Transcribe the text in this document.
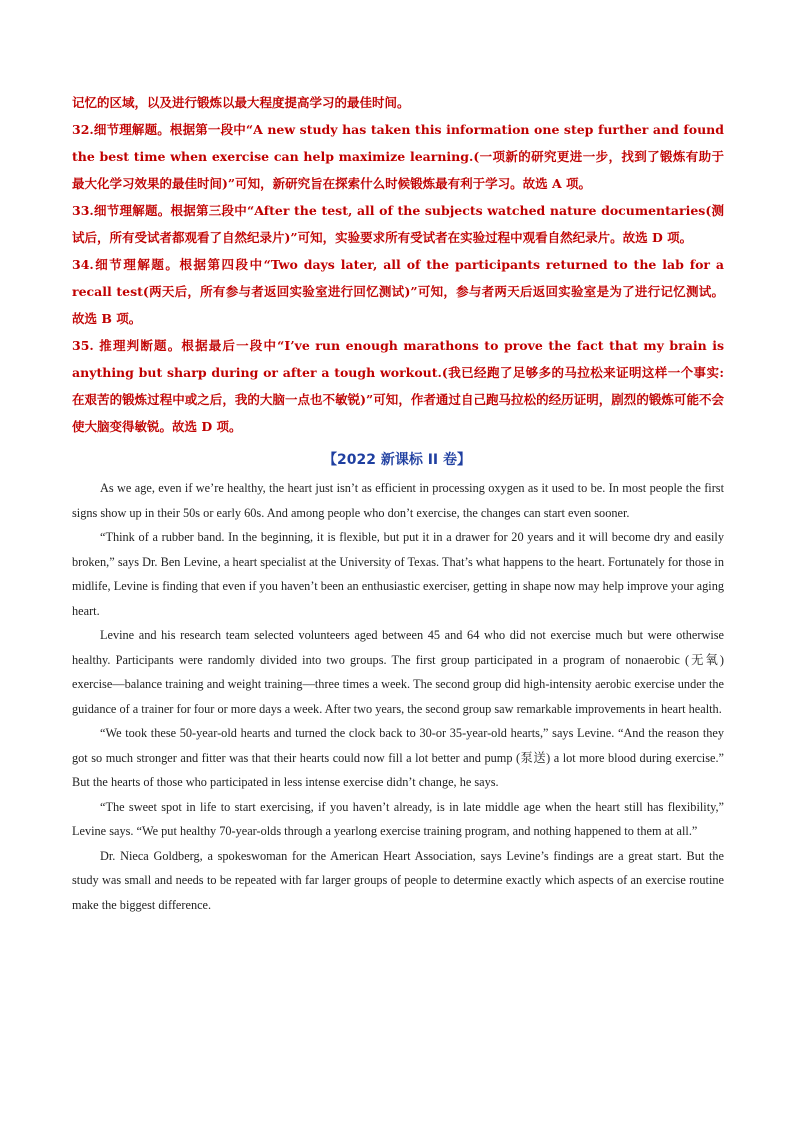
记忆的区域，以及进行锻炼以最大程度提高学习的最佳时间。

32.细节理解题。根据第一段中“A new study has taken this information one step further and found the best time when exercise can help maximize learning.(一项新的研究更进一步，找到了锻炼有助于最大化学习效果的最佳时间)”可知，新研究旨在探索什么时候锻炼最有利于学习。故选 A 项。

33.细节理解题。根据第三段中“After the test, all of the subjects watched nature documentaries(测试后，所有受试者都观看了自然纪录片)”可知，实验要求所有受试者在实验过程中观看自然纪录片。故选 D 项。

34.细节理解题。根据第四段中“Two days later, all of the participants returned to the lab for a recall test(两天后，所有参与者返回实验室进行回忆测试)”可知，参与者两天后返回实验室是为了进行记忆测试。故选 B 项。

35. 推理判断题。根据最后一段中“I’ve run enough marathons to prove the fact that my brain is anything but sharp during or after a tough workout.(我已经跑了足够多的马拉松来证明这样一个事实: 在艰苦的锻炼过程中或之后，我的大脑一点也不敏锐)”可知，作者通过自己跑马拉松的经历证明，剧烈的锻炼可能不会使大脑变得敏锐。故选 D 项。

【2022 新课标 II 卷】

As we age, even if we’re healthy, the heart just isn’t as efficient in processing oxygen as it used to be. In most people the first signs show up in their 50s or early 60s. And among people who don’t exercise, the changes can start even sooner.

“Think of a rubber band. In the beginning, it is flexible, but put it in a drawer for 20 years and it will become dry and easily broken,” says Dr. Ben Levine, a heart specialist at the University of Texas. That’s what happens to the heart. Fortunately for those in midlife, Levine is finding that even if you haven’t been an enthusiastic exerciser, getting in shape now may help improve your aging heart.

Levine and his research team selected volunteers aged between 45 and 64 who did not exercise much but were otherwise healthy. Participants were randomly divided into two groups. The first group participated in a program of nonaerobic (无氧) exercise—balance training and weight training—three times a week. The second group did high-intensity aerobic exercise under the guidance of a trainer for four or more days a week. After two years, the second group saw remarkable improvements in heart health.

“We took these 50-year-old hearts and turned the clock back to 30-or 35-year-old hearts,” says Levine. “And the reason they got so much stronger and fitter was that their hearts could now fill a lot better and pump (泵送) a lot more blood during exercise.” But the hearts of those who participated in less intense exercise didn’t change, he says.

“The sweet spot in life to start exercising, if you haven’t already, is in late middle age when the heart still has flexibility,” Levine says. “We put healthy 70-year-olds through a yearlong exercise training program, and nothing happened to them at all.”

Dr. Nieca Goldberg, a spokeswoman for the American Heart Association, says Levine’s findings are a great start. But the study was small and needs to be repeated with far larger groups of people to determine exactly which aspects of an exercise routine make the biggest difference.
